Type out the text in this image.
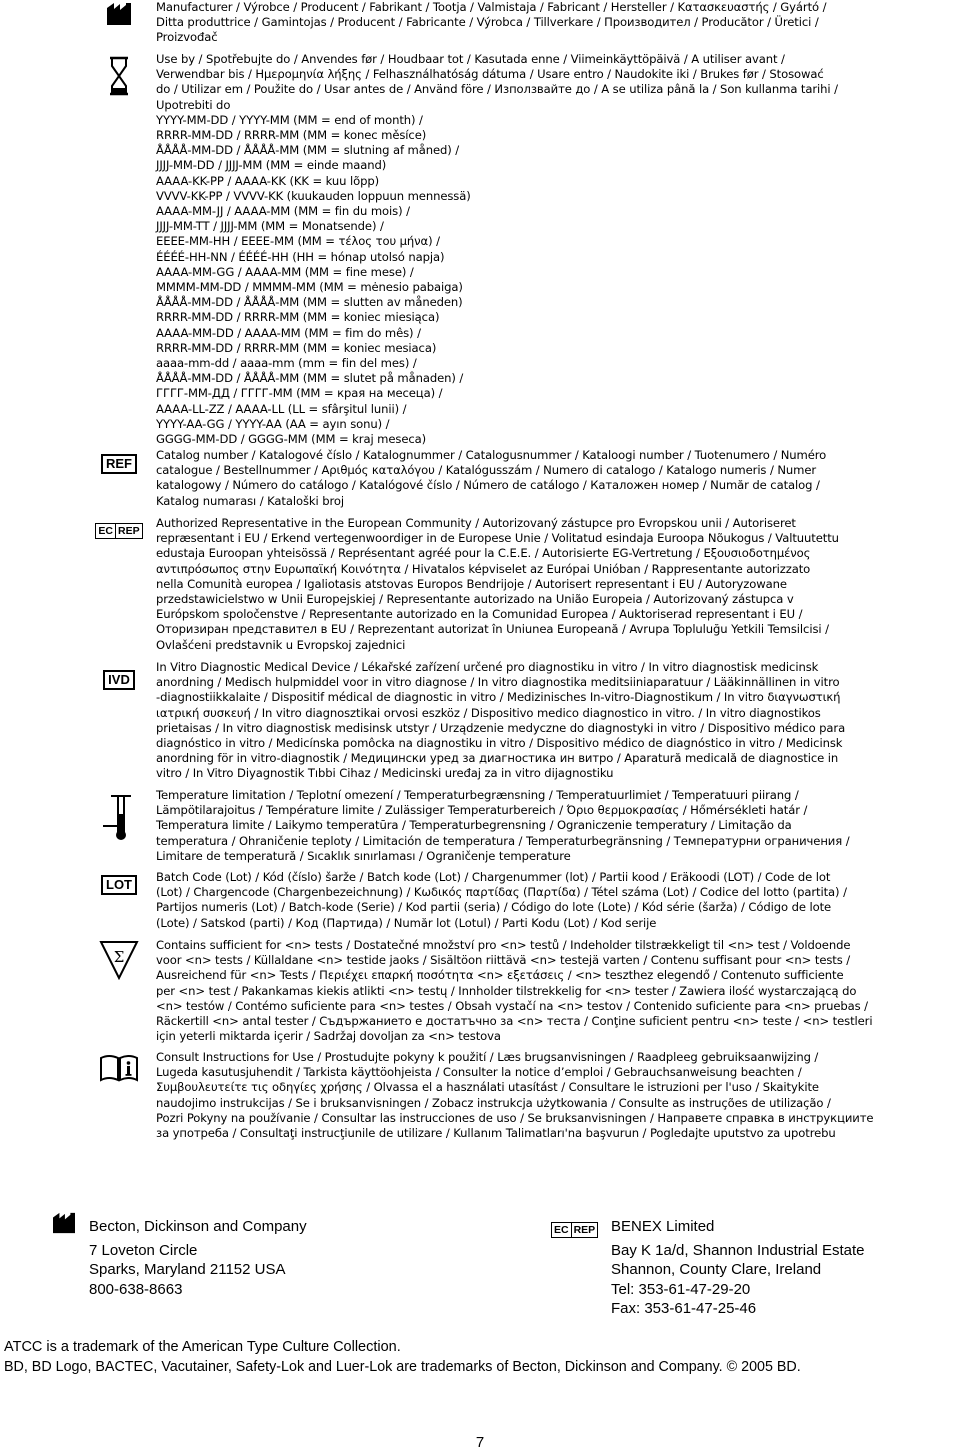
Manufacturer / Výrobce / Producent / Fabrikant / Tootja / Valmistaja / Fabricant / Hersteller / Κατασκευαστής / Gyártó /
Ditta produttrice / Gamintojas / Producent / Fabricante / Výrobca / Tillverkare / Производител / Producător / Üretici /
Proizvođač
Use by / Spotřebujte do / Anvendes før / Houdbaar tot / Kasutada enne / Viimeinkäyttöpäivä / A utiliser avant /
Verwendbar bis / Ημερομηνία λήξης / Felhasználhatóság dátuma / Usare entro / Naudokite iki / Brukes før / Stosować
do / Utilizar em / Použite do / Usar antes de / Använd före / Използвайте до / A se utiliza până la / Son kullanma tarihi /
Upotrebiti do
YYYY-MM-DD / YYYY-MM (MM = end of month) /
RRRR-MM-DD / RRRR-MM (MM = konec měsíce)
ÅÅÅÅ-MM-DD / ÅÅÅÅ-MM (MM = slutning af måned) /
JJJJ-MM-DD / JJJJ-MM (MM = einde maand)
AAAA-KK-PP / AAAA-KK (KK = kuu lõpp)
VVVV-KK-PP / VVVV-KK (kuukauden loppuun mennessä)
AAAA-MM-JJ / AAAA-MM (MM = fin du mois) /
JJJJ-MM-TT / JJJJ-MM (MM = Monatsende) /
ΕΕΕΕ-ΜΜ-ΗΗ / ΕΕΕΕ-ΜΜ (ΜΜ = τέλος του μήνα) /
ÉÉÉÉ-HH-NN / ÉÉÉÉ-HH (HH = hónap utolsó napja)
AAAA-MM-GG / AAAA-MM (MM = fine mese) /
MMMM-MM-DD / MMMM-MM (MM = mėnesio pabaiga)
ÅÅÅÅ-MM-DD / ÅÅÅÅ-MM (MM = slutten av måneden)
RRRR-MM-DD / RRRR-MM (MM = koniec miesiąca)
AAAA-MM-DD / AAAA-MM (MM = fim do mês) /
RRRR-MM-DD / RRRR-MM (MM = koniec mesiaca)
aaaa-mm-dd / aaaa-mm (mm = fin del mes) /
ÅÅÅÅ-MM-DD / ÅÅÅÅ-MM (MM = slutet på månaden) /
ГГГГ-ММ-ДД / ГГГГ-ММ (ММ = края на месеца) /
AAAA-LL-ZZ / AAAA-LL (LL = sfârşitul lunii) /
YYYY-AA-GG / YYYY-AA (AA = ayın sonu) /
GGGG-MM-DD / GGGG-MM (MM = kraj meseca)
REF
Catalog number / Katalogové číslo / Katalognummer / Catalogusnummer / Kataloogi number / Tuotenumero / Numéro
catalogue / Bestellnummer / Αριθμός καταλόγου / Katalógusszám / Numero di catalogo / Katalogo numeris / Numer
katalogowy / Número do catálogo / Katalógové číslo / Número de catálogo / Каталожен номер / Număr de catalog /
Katalog numarası / Kataloški broj
EC REP
Authorized Representative in the European Community / Autorizovaný zástupce pro Evropskou unii / Autoriseret
repræsentant i EU / Erkend vertegenwoordiger in de Europese Unie / Volitatud esindaja Euroopa Nõukogus / Valtuutettu
edustaja Euroopan yhteisössä / Représentant agréé pour la C.E.E. / Autorisierte EG-Vertretung / Εξουσιοδοτημένος
αντιπρόσωπος στην Ευρωπαϊκή Κοινότητα / Hivatalos képviselet az Európai Unióban / Rappresentante autorizzato
nella Comunità europea / Igaliotasis atstovas Europos Bendrijoje / Autorisert representant i EU / Autoryzowane
przedstawicielstwo w Unii Europejskiej / Representante autorizado na União Europeia / Autorizovaný zástupca v
Európskom spoločenstve / Representante autorizado en la Comunidad Europea / Auktoriserad representant i EU /
Оторизиран представител в ЕU / Reprezentant autorizat în Uniunea Europeană / Avrupa Topluluğu Yetkili Temsilcisi /
Ovlašćeni predstavnik u Evropskoj zajednici
IVD
In Vitro Diagnostic Medical Device / Lékařské zařízení určené pro diagnostiku in vitro / In vitro diagnostisk medicinsk
anordning / Medisch hulpmiddel voor in vitro diagnose / In vitro diagnostika meditsiiniaparatuur / Lääkinnällinen in vitro
-diagnostiikkalaite / Dispositif médical de diagnostic in vitro / Medizinisches In-vitro-Diagnostikum / In vitro διαγνωστική
ιατρική συσκευή / In vitro diagnosztikai orvosi eszköz / Dispositivo medico diagnostico in vitro. / In vitro diagnostikos
prietaisas / In vitro diagnostisk medisinsk utstyr / Urządzenie medyczne do diagnostyki in vitro / Dispositivo médico para
diagnóstico in vitro / Medicínska pomôcka na diagnostiku in vitro / Dispositivo médico de diagnóstico in vitro / Medicinsk
anordning för in vitro-diagnostik / Медицински уред за диагностика ин витро / Aparatură medicală de diagnostice in
vitro / In Vitro Diyagnostik Tıbbi Cihaz / Medicinski uređaj za in vitro dijagnostiku
Temperature limitation / Teplotní omezení / Temperaturbegrænsning / Temperatuurlimiet / Temperatuuri piirang /
Lämpötilarajoitus / Température limite / Zulässiger Temperaturbereich / Όριο θερμοκρασίας / Hőmérsékleti határ /
Temperatura limite / Laikymo temperatūra / Temperaturbegrensning / Ograniczenie temperatury / Limitação da
temperatura / Ohraničenie teploty / Limitación de temperatura / Temperaturbegränsning / Температурни ограничения /
Limitare de temperatură / Sıcaklık sınırlaması / Ograničenje temperature
LOT	Batch Code (Lot) / Kód (číslo) šarže / Batch kode (Lot) / Chargenummer (lot) / Partii kood / Eräkoodi (LOT) / Code de lot
(Lot) / Chargencode (Chargenbezeichnung) / Κωδικός παρτίδας (Παρτίδα) / Tétel száma (Lot) / Codice del lotto (partita) /
Partijos numeris (Lot) / Batch-kode (Serie) / Kod partii (seria) / Código do lote (Lote) / Kód série (šarža) / Código de lote
(Lote) / Satskod (parti) / Код (Партида) / Număr lot (Lotul) / Parti Kodu (Lot) / Kod serije
Σ
Contains sufficient for <n> tests / Dostatečné množství pro <n> testů / Indeholder tilstrækkeligt til <n> test / Voldoende
voor <n> tests / Küllaldane <n> testide jaoks / Sisältöon riittävä <n> testejä varten / Contenu suffisant pour <n> tests /
Ausreichend für <n> Tests / Περιέχει επαρκή ποσότητα <n> εξετάσεις / <n> teszthez elegendő / Contenuto sufficiente
per <n> test / Pakankamas kiekis atlikti <n> testų / Innholder tilstrekkelig for <n> tester / Zawiera ilość wystarczającą do
<n> testów / Contémo suficiente para <n> testes / Obsah vystačí na <n> testov / Contenido suficiente para <n> pruebas /
Räckertill <n> antal tester / Съдържанието е достатъчно за <n> теста / Conţine suficient pentru <n> teste / <n> testleri
için yeterli miktarda içerir / Sadržaj dovoljan za <n> testova
Consult Instructions for Use / Prostudujte pokyny k použití / Læs brugsanvisningen / Raadpleeg gebruiksaanwijzing /
Lugeda kasutusjuhendit / Tarkista käyttöohjeista / Consulter la notice d’emploi / Gebrauchsanweisung beachten /
Συμβουλευτείτε τις οδηγίες χρήσης / Olvassa el a használati utasítást / Consultare le istruzioni per l'uso / Skaitykite
naudojimo instrukcijas / Se i bruksanvisningen / Zobacz instrukcja użytkowania / Consulte as instruções de utilização /
Pozri Pokyny na používanie / Consultar las instrucciones de uso / Se bruksanvisningen / Направете справка в инструкциите
за употреба / Consultaţi instrucţiunile de utilizare / Kullanım Talimatları'na başvurun / Pogledajte uputstvo za upotrebu
Becton, Dickinson and Company
7 Loveton Circle
Sparks, Maryland 21152 USA
800-638-8663
EC REP BENEX Limited
Bay K 1a/d, Shannon Industrial Estate
Shannon, County Clare, Ireland
Tel: 353-61-47-29-20
Fax: 353-61-47-25-46
ATCC is a trademark of the American Type Culture Collection.
BD, BD Logo, BACTEC, Vacutainer, Safety-Lok and Luer-Lok are trademarks of Becton, Dickinson and Company. © 2005 BD.
7
